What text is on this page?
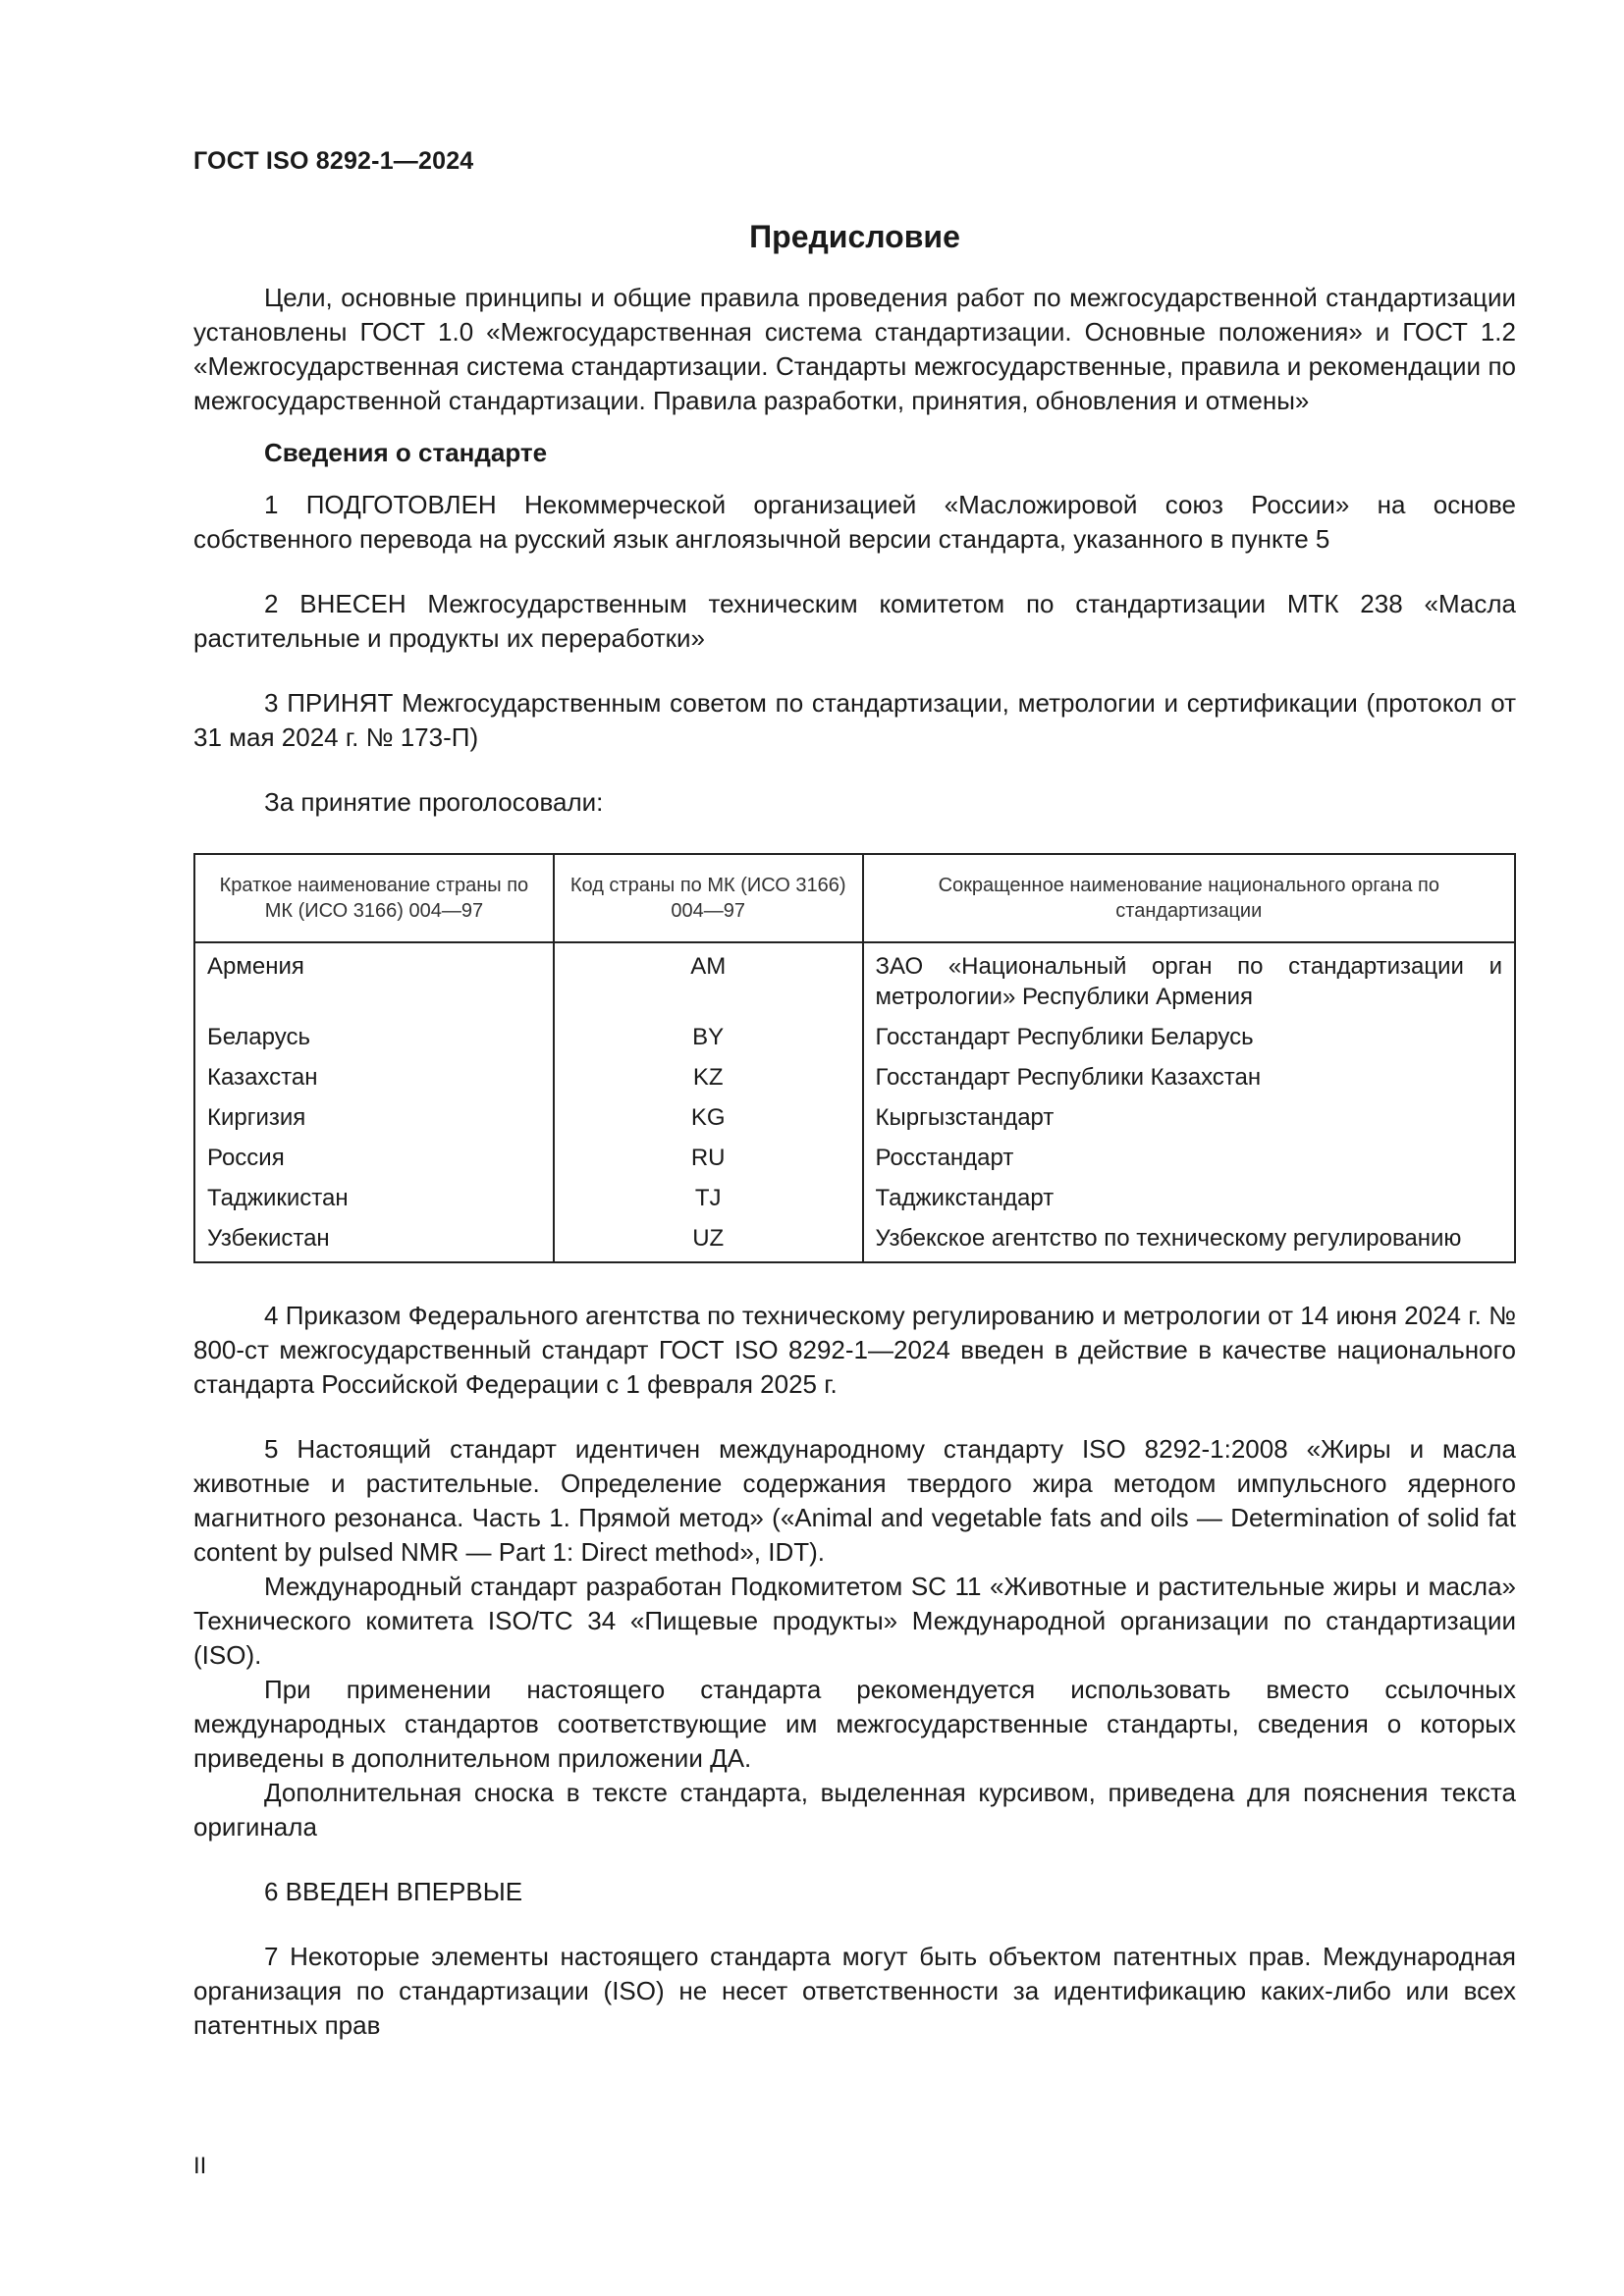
ГОСТ ISO 8292-1—2024
Предисловие

Цели, основные принципы и общие правила проведения работ по межгосударственной стандартизации установлены ГОСТ 1.0 «Межгосударственная система стандартизации. Основные положения» и ГОСТ 1.2 «Межгосударственная система стандартизации. Стандарты межгосударственные, правила и рекомендации по межгосударственной стандартизации. Правила разработки, принятия, обновления и отмены»

Сведения о стандарте

1 ПОДГОТОВЛЕН Некоммерческой организацией «Масложировой союз России» на основе собственного перевода на русский язык англоязычной версии стандарта, указанного в пункте 5

2 ВНЕСЕН Межгосударственным техническим комитетом по стандартизации МТК 238 «Масла растительные и продукты их переработки»

3 ПРИНЯТ Межгосударственным советом по стандартизации, метрологии и сертификации (протокол от 31 мая 2024 г. № 173-П)

За принятие проголосовали:

Краткое наименование страны по МК (ИСО 3166) 004—97	Код страны по МК (ИСО 3166) 004—97	Сокращенное наименование национального органа по стандартизации
Армения	AM	ЗАО «Национальный орган по стандартизации и метрологии» Республики Армения
Беларусь	BY	Госстандарт Республики Беларусь
Казахстан	KZ	Госстандарт Республики Казахстан
Киргизия	KG	Кыргызстандарт
Россия	RU	Росстандарт
Таджикистан	TJ	Таджикстандарт
Узбекистан	UZ	Узбекское агентство по техническому регулированию

4 Приказом Федерального агентства по техническому регулированию и метрологии от 14 июня 2024 г. № 800-ст межгосударственный стандарт ГОСТ ISO 8292-1—2024 введен в действие в качестве национального стандарта Российской Федерации с 1 февраля 2025 г.

5 Настоящий стандарт идентичен международному стандарту ISO 8292-1:2008 «Жиры и масла животные и растительные. Определение содержания твердого жира методом импульсного ядерного магнитного резонанса. Часть 1. Прямой метод» («Animal and vegetable fats and oils — Determination of solid fat content by pulsed NMR — Part 1: Direct method», IDT).

Международный стандарт разработан Подкомитетом SC 11 «Животные и растительные жиры и масла» Технического комитета ISO/TC 34 «Пищевые продукты» Международной организации по стандартизации (ISO).

При применении настоящего стандарта рекомендуется использовать вместо ссылочных международных стандартов соответствующие им межгосударственные стандарты, сведения о которых приведены в дополнительном приложении ДА.

Дополнительная сноска в тексте стандарта, выделенная курсивом, приведена для пояснения текста оригинала

6 ВВЕДЕН ВПЕРВЫЕ

7 Некоторые элементы настоящего стандарта могут быть объектом патентных прав. Международная организация по стандартизации (ISO) не несет ответственности за идентификацию каких-либо или всех патентных прав

II
